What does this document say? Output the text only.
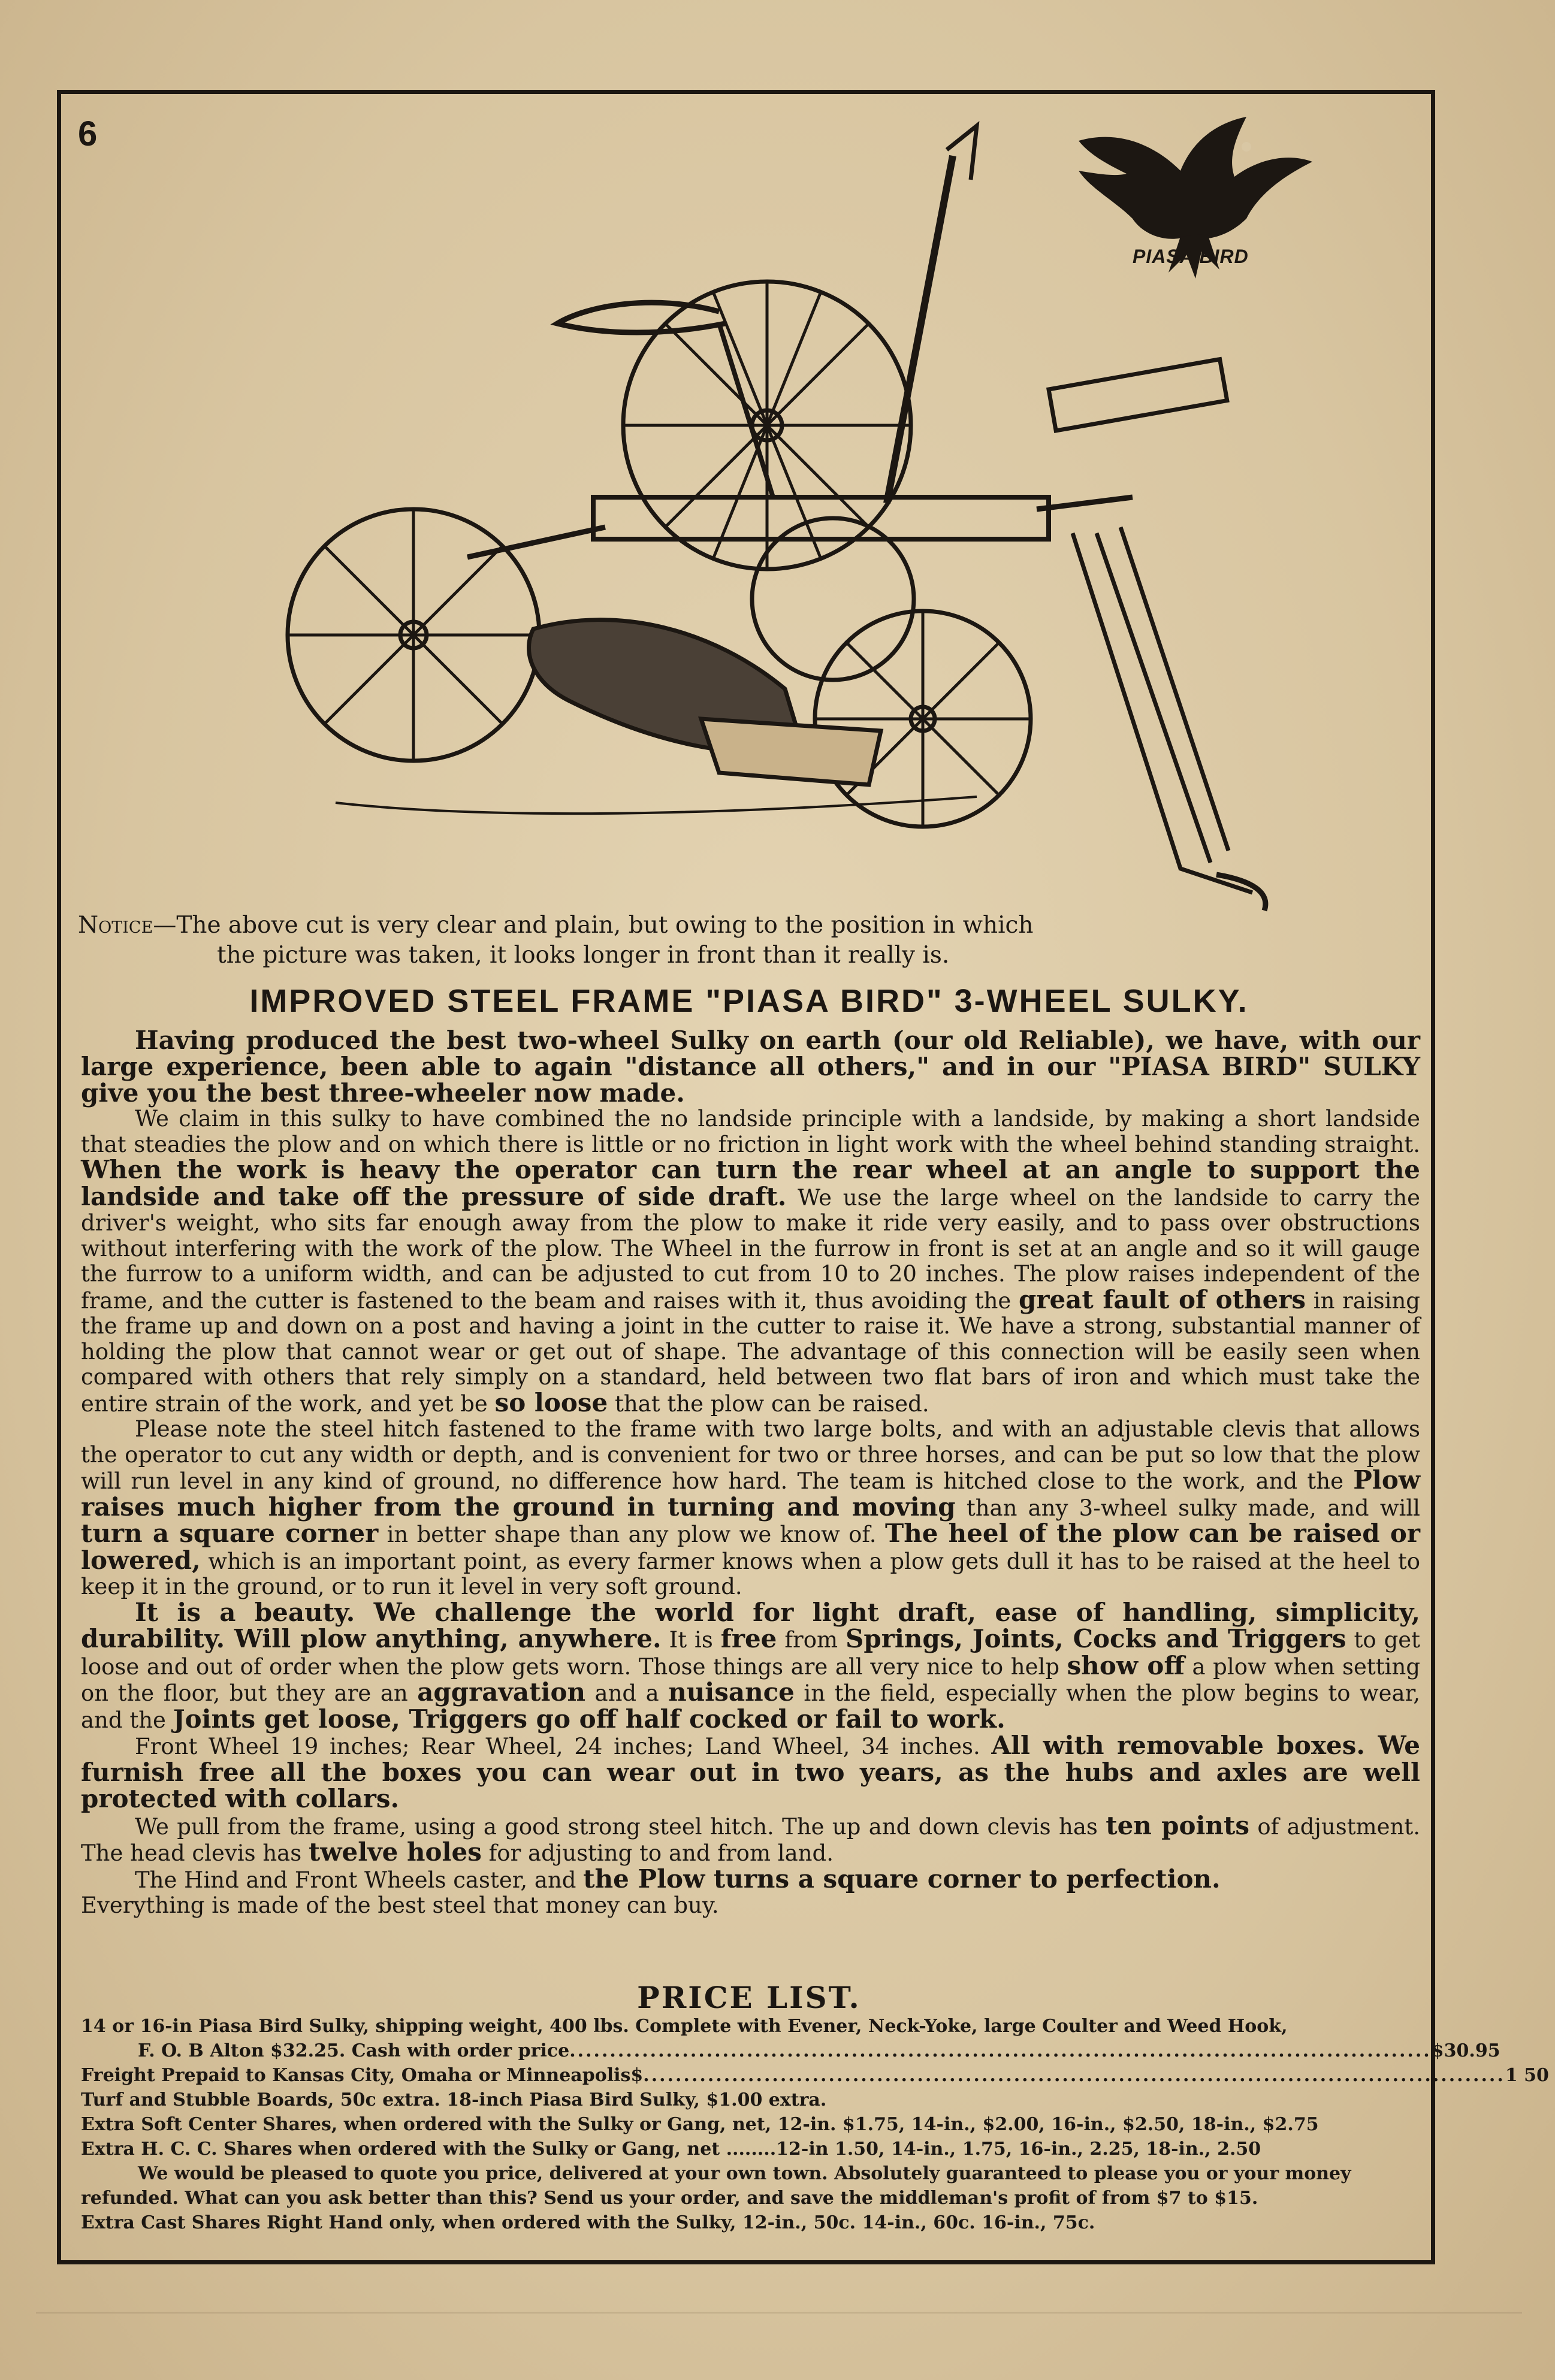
6
PIASA BIRD
Notice—The above cut is very clear and plain, but owing to the position in which
the picture was taken, it looks longer in front than it really is.
IMPROVED STEEL FRAME "PIASA BIRD" 3-WHEEL SULKY.

Having produced the best two-wheel Sulky on earth (our old Reliable), we have, with our large experience, been able to again "distance all others," and in our "PIASA BIRD" SULKY give you the best three-wheeler now made.

We claim in this sulky to have combined the no landside principle with a landside, by making a short landside that steadies the plow and on which there is little or no friction in light work with the wheel behind standing straight. When the work is heavy the operator can turn the rear wheel at an angle to support the landside and take off the pressure of side draft. We use the large wheel on the landside to carry the driver's weight, who sits far enough away from the plow to make it ride very easily, and to pass over obstructions without interfering with the work of the plow. The Wheel in the furrow in front is set at an angle and so it will gauge the furrow to a uniform width, and can be adjusted to cut from 10 to 20 inches. The plow raises independent of the frame, and the cutter is fastened to the beam and raises with it, thus avoiding the great fault of others in raising the frame up and down on a post and having a joint in the cutter to raise it. We have a strong, substantial manner of holding the plow that cannot wear or get out of shape. The advantage of this connection will be easily seen when compared with others that rely simply on a standard, held between two flat bars of iron and which must take the entire strain of the work, and yet be so loose that the plow can be raised.

Please note the steel hitch fastened to the frame with two large bolts, and with an adjustable clevis that allows the operator to cut any width or depth, and is convenient for two or three horses, and can be put so low that the plow will run level in any kind of ground, no difference how hard. The team is hitched close to the work, and the Plow raises much higher from the ground in turning and moving than any 3-wheel sulky made, and will turn a square corner in better shape than any plow we know of. The heel of the plow can be raised or lowered, which is an important point, as every farmer knows when a plow gets dull it has to be raised at the heel to keep it in the ground, or to run it level in very soft ground.

It is a beauty. We challenge the world for light draft, ease of handling, simplicity, durability. Will plow anything, anywhere. It is free from Springs, Joints, Cocks and Triggers to get loose and out of order when the plow gets worn. Those things are all very nice to help show off a plow when setting on the floor, but they are an aggravation and a nuisance in the field, especially when the plow begins to wear, and the Joints get loose, Triggers go off half cocked or fail to work.

Front Wheel 19 inches; Rear Wheel, 24 inches; Land Wheel, 34 inches. All with removable boxes. We furnish free all the boxes you can wear out in two years, as the hubs and axles are well protected with collars.

We pull from the frame, using a good strong steel hitch. The up and down clevis has ten points of adjustment. The head clevis has twelve holes for adjusting to and from land.

The Hind and Front Wheels caster, and the Plow turns a square corner to perfection.

Everything is made of the best steel that money can buy.

PRICE LIST.
14 or 16-in Piasa Bird Sulky, shipping weight, 400 lbs. Complete with Evener, Neck-Yoke, large Coulter and Weed Hook,
F. O. B Alton $32.25. Cash with order price ........................................................................................................... $30.95
Freight Prepaid to Kansas City, Omaha or Minneapolis $ ........................................................................................................... 1 50
Turf and Stubble Boards, 50c extra. 18-inch Piasa Bird Sulky, $1.00 extra.
Extra Soft Center Shares, when ordered with the Sulky or Gang, net, 12-in. $1.75, 14-in., $2.00, 16-in., $2.50, 18-in., $2.75
Extra H. C. C. Shares when ordered with the Sulky or Gang, net ........12-in 1.50, 14-in., 1.75, 16-in., 2.25, 18-in., 2.50
We would be pleased to quote you price, delivered at your own town. Absolutely guaranteed to please you or your money
refunded. What can you ask better than this? Send us your order, and save the middleman's profit of from $7 to $15.
Extra Cast Shares Right Hand only, when ordered with the Sulky, 12-in., 50c. 14-in., 60c. 16-in., 75c.
